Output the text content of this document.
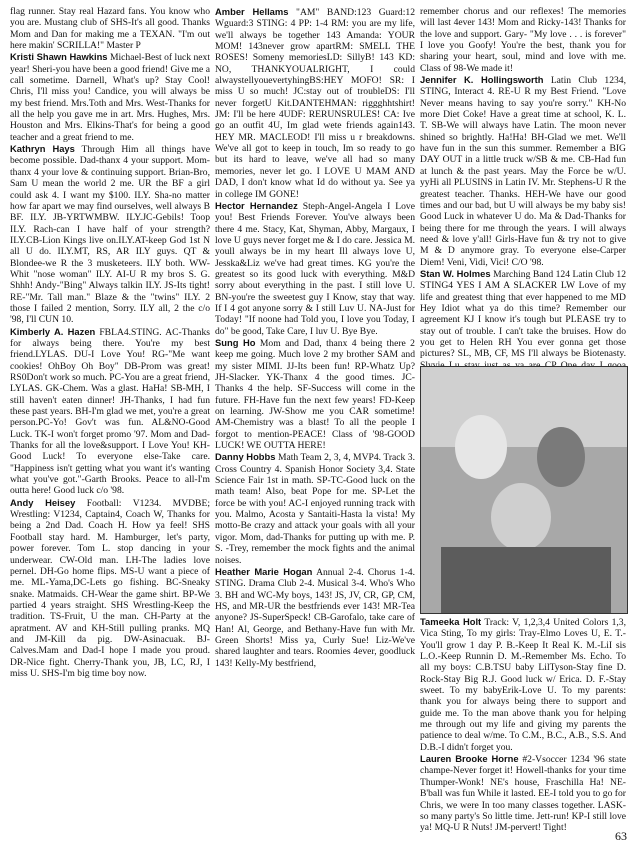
flag runner. Stay real Hazard fans. You know who you are. Mustang club of SHS-It's all good. Thanks Mom and Dan for making me a TEXAN. "I'm out here makin' SCRILLA!" Master P

Kristi Shawn Hawkins Michael-Best of luck next year! Sheri-you have been a good friend! Give me a call sometime. Darnell, What's up? Stay Cool! Chris, I'll miss you! Candice, you will always be my best friend. Mrs.Toth and Mrs. West-Thanks for all the help you gave me in art. Mrs. Hughes, Mrs. Houston and Mrs. Elkins-That's for being a good teacher and a great friend to me.

Kathryn Hays Through Him all things have become possible. Dad-thanx 4 your support. Mom-thanx 4 your love & continuing support. Brian-Bro, Sam U mean the world 2 me. UR the BF a girl could ask 4. I want my $100. ILY. Sha-no matter how far apart we may find ourselves, well always B BF. ILY. JB-YRTWMBW. ILY.JC-Gebils! Toop ILY. Rach-can I have half of your strength? ILY.CB-Lion Kings live on.ILY.AT-keep God 1st N all U do. ILY.MT, RS, AR ILY guys. QT & Blondee-we R the 3 musketeers. ILY both. WW-Whit "nose woman" ILY. AI-U R my bros S. G. Shhh! Andy-"Bing" Always talkin ILY. JS-Its tight! RE-"Mr. Tall man." Blaze & the "twins" ILY. 2 those I failed 2 mention, Sorry. ILY all, 2 the c/o '98, I'll CUN 10.

Kimberly A. Hazen FBLA4.STING. AC-Thanks for always being there. You're my best friend.LYLAS. DU-I Love You! RG-"Me want cookies! OhBoy Oh Boy" DB-Prom was great! RS0Don't work so much. PC-You are a great friend, LYLAS. GK-Chem. Was a glast. HaHa! SB-MH, I still haven't eaten dinner! JH-Thanks, I had fun these past years. BH-I'm glad we met, you're a great person.PC-Yo! Gov't was fun. AL&NO-Good Luck. TK-I won't forget promo '97. Mom and Dad-Thanks for all the love&support. I Love You! KH-Good Luck! To everyone else-Take care. "Happiness isn't getting what you want it's wanting what you've got."-Garth Brooks. Peace to all-I'm outta here! Good luck c/o '98.

Andy Heisey Football: V1234. MVDBE; Wrestling: V1234, Captain4, Coach W, Thanks for being a 2nd Dad. Coach H. How ya feel! SHS Football stay hard. M. Hamburger, let's party, power forever. Tom L. stop dancing in your underwear. CW-Old man. LH-The ladies love pernel. DH-Go home flips. MS-U want a piece of me. ML-Yama,DC-Lets go fishing. BC-Sneaky snake. Matmaids. CH-Wear the game shirt. BP-We partied 4 years straight. SHS Wrestling-Keep the tradition. TS-Fruit, U the man. CH-Party at the apratment. AV and KH-Still pulling pranks. MQ and JM-Kill da pig. DW-Asinacuak. BJ-Calves.Mam and Dad-I hope I made you proud. DR-Nice fight. Cherry-Thank you, JB, LC, RJ, I miss U. SHS-I'm big time boy now.

Amber Hellams "AM" BAND:123 Guard:12 Wguard:3 STING: 4 PP: 1-4 RM: you are my life, we'll always be together 143 Amanda: YOUR MOM! 143never grow apartRM: SMELL THE ROSES! Someny memoriesLD: SillyB! 143 KD: NO, THANKYOUALRIGHT, I could alwaystellyouevertyhingBS:HEY MOFO! SR: I miss U so much! JC:stay out of troubleDS: I'll never forgetU Kit.DANTEHMAN: riggghhtshirt! JM: I'll be here 4UDF: RERUNSRULES! CA: Ive go an outfit 4U, Im glad wete friends again143. HEY MR. MACLEOD! I'll miss u r breakdowns. We've all got to keep in touch, Im so ready to go but its hard to leave, we've all had so many memories, never let go. I LOVE U MAM AND DAD, I don't know what Id do without ya. See ya in college IM GONE!

Hector Hernandez Steph-Angel-Angela I Love you! Best Friends Forever. You've always been there 4 me. Stacy, Kat, Shyman, Abby, Margaux, I love U guys never forget me & I do care. Jessica M. youll always be in my heart Ill always love U, Jesska&Liz we've had great times. KG you're the greatest so its good luck with everything. M&D sorry about everything in the past. I still love U. BN-you're the sweetest guy I Know, stay that way. If I 4 got anyone sorry & I still Luv U. NA-Just for Today! "If noone had Told you, I love you Today, I do" be good, Take Care, I luv U. Bye Bye.

Sung Ho Mom and Dad, thanx 4 being there 2 keep me going. Much love 2 my brother SAM and my sister MIMI. JJ-Its been fun! RP-Whatz Up? JH-Slacker. YK-Thanx 4 the good times. JC-Thanks 4 the help. SF-Success will come in the future. FH-Have fun the next few years! FD-Keep on learning. JW-Show me you CAR sometime! AM-Chemistry was a blast! To all the people I forgot to mention-PEACE! Class of '98-GOOD LUCK! WE OUTTA HERE!

Danny Hobbs Math Team 2, 3, 4, MVP4. Track 3. Cross Country 4. Spanish Honor Society 3,4. State Science Fair 1st in math. SP-TC-Good luck on the math team! Also, beat Pope for me. SP-Let the force be with you! AC-I enjoyed running track with you. Malmo, Acosta y Santaiti-Hasta la vista! My motto-Be crazy and attack your goals with all your vigor. Mom, dad-Thanks for putting up with me. P. S. -Trey, remember the mock fights and the animal noises.

Heather Marie Hogan Annual 2-4. Chorus 1-4. STING. Drama Club 2-4. Musical 3-4. Who's Who 3. BH and WC-My boys, 143! JS, JV, CR, GP, CM, HS, and MR-UR the bestfriends ever 143! MR-Tea anyone? JS-SuperSpeck! CB-Garofalo, take care of Han! Al, George, and Bethany-Have fun with Mr. Green Shorts! Miss ya, Curly Sue! Liz-We've shared laughter and tears. Roomies 4ever, goodluck 143! Kelly-My bestfriend,

remember chorus and our reflexes! The memories will last 4ever 143! Mom and Ricky-143! Thanks for the love and support. Gary- "My love . . . is forever" I love you Goofy! You're the best, thank you for sharing your heart, soul, mind and love with me. Class of 98-We made it!

Jennifer K. Hollingsworth Latin Club 1234, STING, Interact 4. RE-U R my Best Friend. "Love Never means having to say you're sorry." KH-No more Diet Coke! Have a great time at school, K. L. T. SB-We will always have Latin. The moon never shined so brightly. Ha!Ha! BH-Glad we met. We'll have fun in the sun this summer. Remember a BIG DAY OUT in a little truck w/SB & me. CB-Had fun at lunch & the past years. May the Force be w/U. yyHi all PLUSINS in Latin IV. Mr. Stephens-U R the greatest teacher. Thanks. HEH-We have our good times and our bad, but U will always be my baby sis! Good Luck in whatever U do. Ma & Dad-Thanks for being there for me through the years. I will always need & love y'all! Girls-Have fun & try not to give M & D anymore gray. To everyone else-Carper Diem! Veni, Vidi, Vici! C/O '98.

Stan W. Holmes Marching Band 124 Latin Club 12 STING4 YES I AM A SLACKER LW Love of my life and greatest thing that ever happened to me MD Hey Idiot what ya do this time? Remember our agreement KJ I know it's tough but PLEASE try to stay out of trouble. I can't take the bruises. How do you get to Helen RH You ever gonna get those pictures? SL, MB, CF, MS I'll always be Biotenasty.

Tameeka Holt Track: V, 1,2,3,4 United Colors 1,3, Vica Sting, To my girls: Tray-Elmo Loves U, E. T.-You'll grow 1 day P. B.-Keep It Real K. M.-LiI sis L.O.-Keep Runnin D. M.-Remember Ms. Echo. To all my boys: C.B.TSU baby LilTyson-Stay fine D. Rock-Stay Big R.J. Good luck w/ Erica. D. F.-Stay sweet. To my babyErik-Love U. To my parents: thank you for always being there to support and guide me. To the man above thank you for helping me through out my life and giving my parents the patience to deal w/me. To C.M., B.C., A.B., S.S. And D.B.-I didn't forget you.

Lauren Brooke Horne #2-Vsoccer 1234 '96 state champe-Never forget it! Howell-thanks for your time Thumper-Wonk! NE's house, Fraschilla Ha! NE-B'ball was fun While it lasted. EE-I told you to go for Chris, we were In too many classes together. LASK-so many party's So little time. Jett-run! KP-I still love ya! MQ-U R Nuts! JM-pervert! Tight!

63
